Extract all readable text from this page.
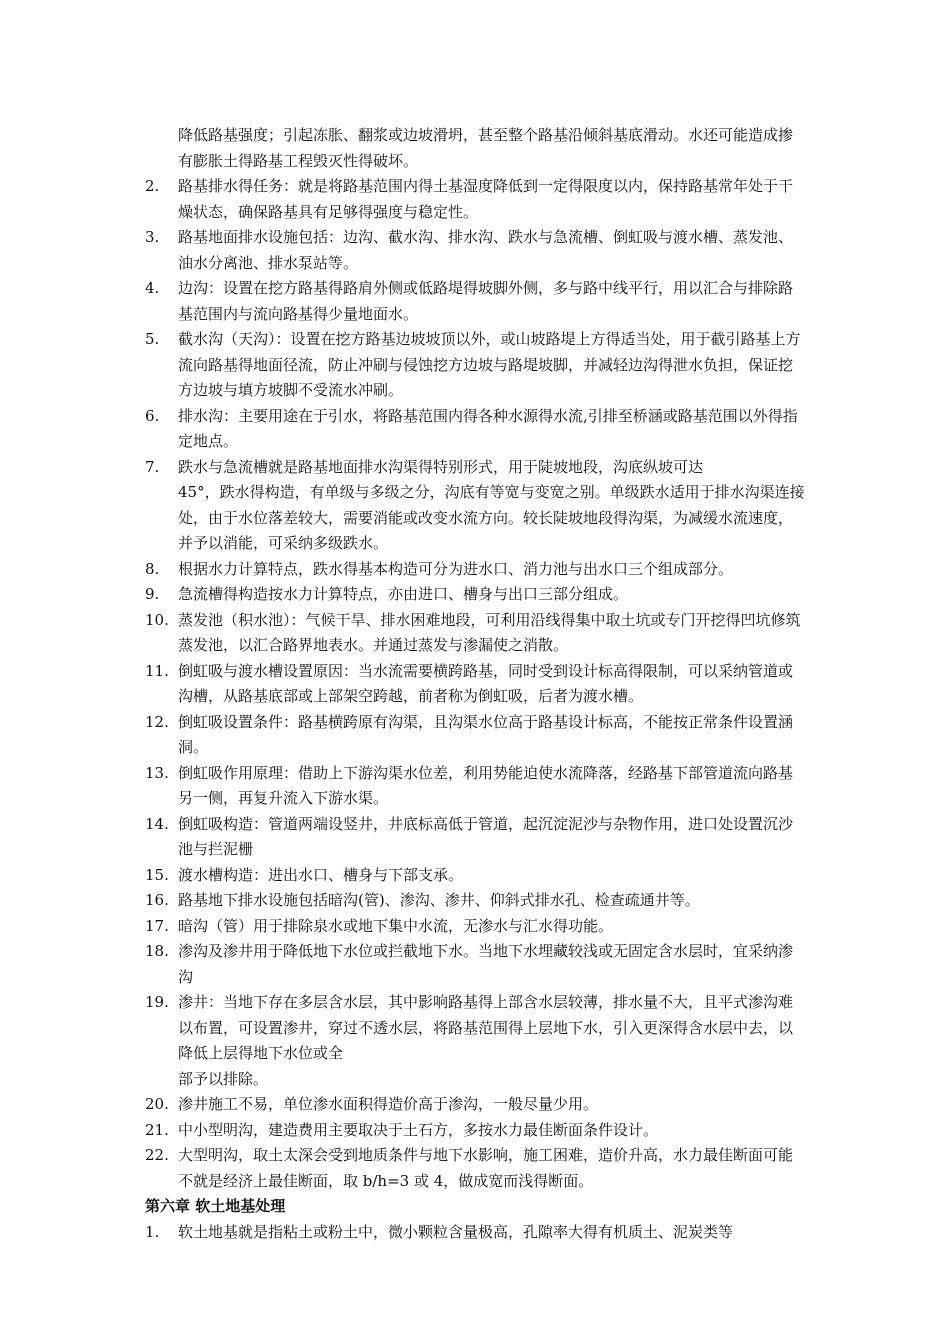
降低路基强度；引起冻胀、翻浆或边坡滑坍，甚至整个路基沿倾斜基底滑动。水还可能造成掺有膨胀土得路基工程毁灭性得破坏。

2.	路基排水得任务：就是将路基范围内得土基湿度降低到一定得限度以内，保持路基常年处于干燥状态，确保路基具有足够得强度与稳定性。
3.	路基地面排水设施包括：边沟、截水沟、排水沟、跌水与急流槽、倒虹吸与渡水槽、蒸发池、油水分离池、排水泵站等。
4.	边沟：设置在挖方路基得路肩外侧或低路堤得坡脚外侧，多与路中线平行，用以汇合与排除路基范围内与流向路基得少量地面水。
5.	截水沟（天沟）：设置在挖方路基边坡坡顶以外，或山坡路堤上方得适当处，用于截引路基上方流向路基得地面径流，防止冲刷与侵蚀挖方边坡与路堤坡脚，并减轻边沟得泄水负担，保证挖方边坡与填方坡脚不受流水冲刷。
6.	排水沟：主要用途在于引水，将路基范围内得各种水源得水流,引排至桥涵或路基范围以外得指定地点。
7.	跌水与急流槽就是路基地面排水沟渠得特别形式，用于陡坡地段，沟底纵坡可达
45°，跌水得构造，有单级与多级之分，沟底有等宽与变宽之别。单级跌水适用于排水沟渠连接处，由于水位落差较大，需要消能或改变水流方向。较长陡坡地段得沟渠，为减缓水流速度，并予以消能，可采纳多级跌水。
8.	根据水力计算特点，跌水得基本构造可分为进水口、消力池与出水口三个组成部分。
9.	急流槽得构造按水力计算特点，亦由进口、槽身与出口三部分组成。
10. 蒸发池（积水池）：气候干旱、排水困难地段，可利用沿线得集中取土坑或专门开挖得凹坑修筑蒸发池，以汇合路界地表水。并通过蒸发与渗漏使之消散。
11. 倒虹吸与渡水槽设置原因：当水流需要横跨路基，同时受到设计标高得限制，可以采纳管道或沟槽，从路基底部或上部架空跨越，前者称为倒虹吸，后者为渡水槽。
12. 倒虹吸设置条件：路基横跨原有沟渠，且沟渠水位高于路基设计标高，不能按正常条件设置涵洞。
13. 倒虹吸作用原理：借助上下游沟渠水位差，利用势能迫使水流降落，经路基下部管道流向路基另一侧，再复升流入下游水渠。
14. 倒虹吸构造：管道两端设竖井，井底标高低于管道，起沉淀泥沙与杂物作用，进口处设置沉沙池与拦泥栅
15. 渡水槽构造：进出水口、槽身与下部支承。
16. 路基地下排水设施包括暗沟(管)、渗沟、渗井、仰斜式排水孔、检查疏通井等。
17. 暗沟（管）用于排除泉水或地下集中水流，无渗水与汇水得功能。
18. 渗沟及渗井用于降低地下水位或拦截地下水。当地下水埋藏较浅或无固定含水层时，宜采纳渗沟
19. 渗井：当地下存在多层含水层，其中影响路基得上部含水层较薄，排水量不大，且平式渗沟难以布置，可设置渗井，穿过不透水层，将路基范围得上层地下水，引入更深得含水层中去，以降低上层得地下水位或全
部予以排除。
20. 渗井施工不易，单位渗水面积得造价高于渗沟，一般尽量少用。
21. 中小型明沟，建造费用主要取决于土石方，多按水力最佳断面条件设计。
22. 大型明沟，取土太深会受到地质条件与地下水影响，施工困难，造价升高，水力最佳断面可能不就是经济上最佳断面，取 b/h=3 或 4，做成宽而浅得断面。
第六章 软土地基处理
1.	软土地基就是指粘土或粉土中，微小颗粒含量极高，孔隙率大得有机质土、泥炭类等
